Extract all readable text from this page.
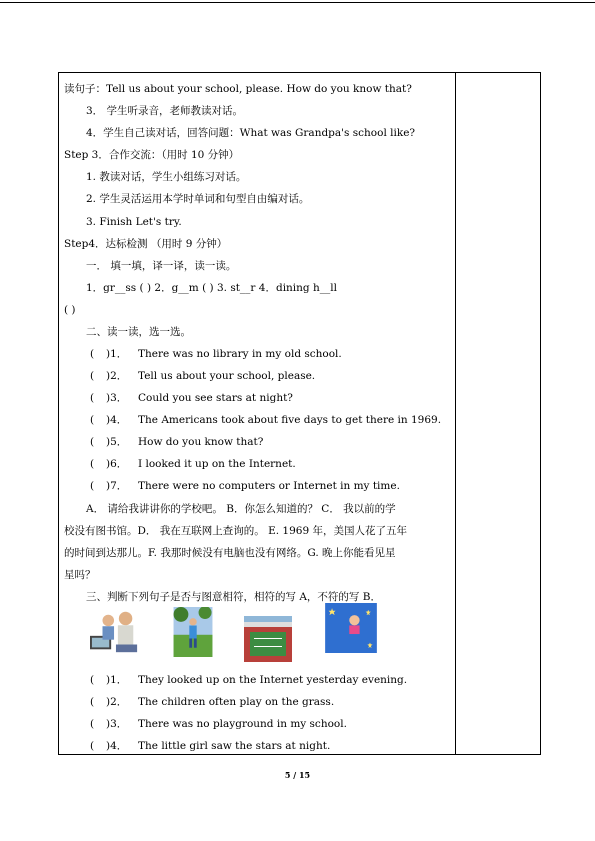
读句子：Tell us about your school, please. How do you know that?
3． 学生听录音，老师教读对话。
4．学生自己读对话，回答问题：What was Grandpa's school like?
Step 3．合作交流：（用时 10 分钟）
1. 教读对话，学生小组练习对话。
2. 学生灵活运用本学时单词和句型自由编对话。
3. Finish Let's try.
Step4．达标检测 （用时 9 分钟）
一． 填一填，译一译，读一读。
1．gr__ss ( ) 2．g__m ( ) 3. st__r 4．dining h__ll
( )
二、读一读，选一选。
( )1． There was no library in my old school.
( )2． Tell us about your school, please.
( )3． Could you see stars at night?
( )4． The Americans took about five days to get there in 1969.
( )5． How do you know that?
( )6． I looked it up on the Internet.
( )7． There were no computers or Internet in my time.
A． 请给我讲讲你的学校吧。 B．你怎么知道的？ C． 我以前的学
校没有图书馆。D． 我在互联网上查询的。 E. 1969 年，美国人花了五年
的时间到达那儿。F. 我那时候没有电脑也没有网络。G. 晚上你能看见星
星吗？
三、判断下列句子是否与图意相符，相符的写 A，不符的写 B．
( )1． They looked up on the Internet yesterday evening.
( )2． The children often play on the grass.
( )3． There was no playground in my school.
( )4． The little girl saw the stars at night.
5 / 15
